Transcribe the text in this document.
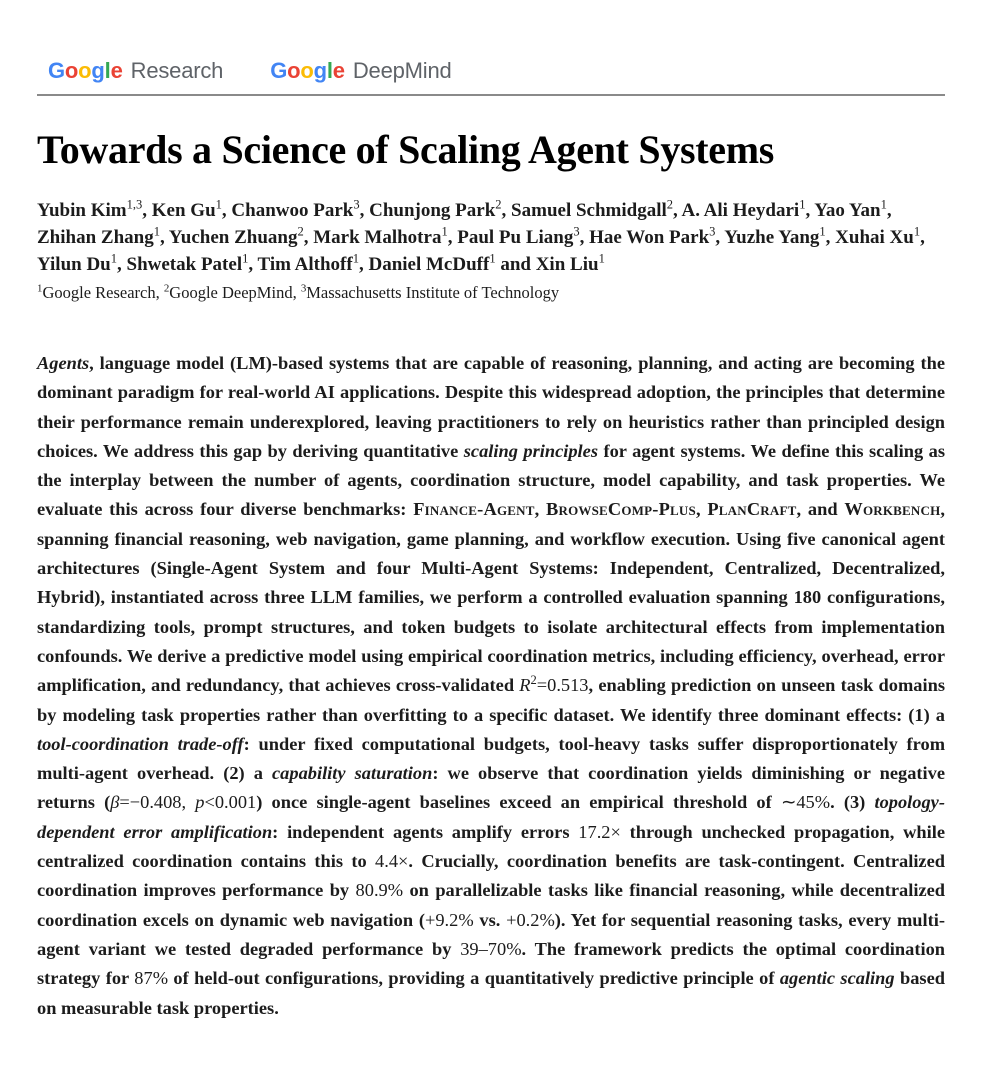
Google Research Google DeepMind
Towards a Science of Scaling Agent Systems

Yubin Kim$^{1,3}$, Ken Gu$^1$, Chanwoo Park$^3$, Chunjong Park$^2$, Samuel Schmidgall$^2$, A. Ali Heydari$^1$, Yao Yan$^1$, Zhihan Zhang$^1$, Yuchen Zhuang$^2$, Mark Malhotra$^1$, Paul Pu Liang$^3$, Hae Won Park$^3$, Yuzhe Yang$^1$, Xuhai Xu$^1$, Yilun Du$^1$, Shwetak Patel$^1$, Tim Althoff$^1$, Daniel McDuff$^1$ and Xin Liu$^1$

$^1$Google Research, $^2$Google DeepMind, $^3$Massachusetts Institute of Technology

Agents, language model (LM)-based systems that are capable of reasoning, planning, and acting are becoming the dominant paradigm for real-world AI applications. Despite this widespread adoption, the principles that determine their performance remain underexplored, leaving practitioners to rely on heuristics rather than principled design choices. We address this gap by deriving quantitative scaling principles for agent systems. We define this scaling as the interplay between the number of agents, coordination structure, model capability, and task properties. We evaluate this across four diverse benchmarks: Finance-Agent, BrowseComp-Plus, PlanCraft, and Workbench, spanning financial reasoning, web navigation, game planning, and workflow execution. Using five canonical agent architectures (Single-Agent System and four Multi-Agent Systems: Independent, Centralized, Decentralized, Hybrid), instantiated across three LLM families, we perform a controlled evaluation spanning 180 configurations, standardizing tools, prompt structures, and token budgets to isolate architectural effects from implementation confounds. We derive a predictive model using empirical coordination metrics, including efficiency, overhead, error amplification, and redundancy, that achieves cross-validated $R^2=0.513$, enabling prediction on unseen task domains by modeling task properties rather than overfitting to a specific dataset. We identify three dominant effects: (1) a tool-coordination trade-off: under fixed computational budgets, tool-heavy tasks suffer disproportionately from multi-agent overhead. (2) a capability saturation: we observe that coordination yields diminishing or negative returns (β=−0.408, p<0.001) once single-agent baselines exceed an empirical threshold of ∼45%. (3) topology-dependent error amplification: independent agents amplify errors 17.2× through unchecked propagation, while centralized coordination contains this to 4.4×. Crucially, coordination benefits are task-contingent. Centralized coordination improves performance by 80.9% on parallelizable tasks like financial reasoning, while decentralized coordination excels on dynamic web navigation (+9.2% vs. +0.2%). Yet for sequential reasoning tasks, every multi-agent variant we tested degraded performance by 39–70%. The framework predicts the optimal coordination strategy for 87% of held-out configurations, providing a quantitatively predictive principle of agentic scaling based on measurable task properties.
